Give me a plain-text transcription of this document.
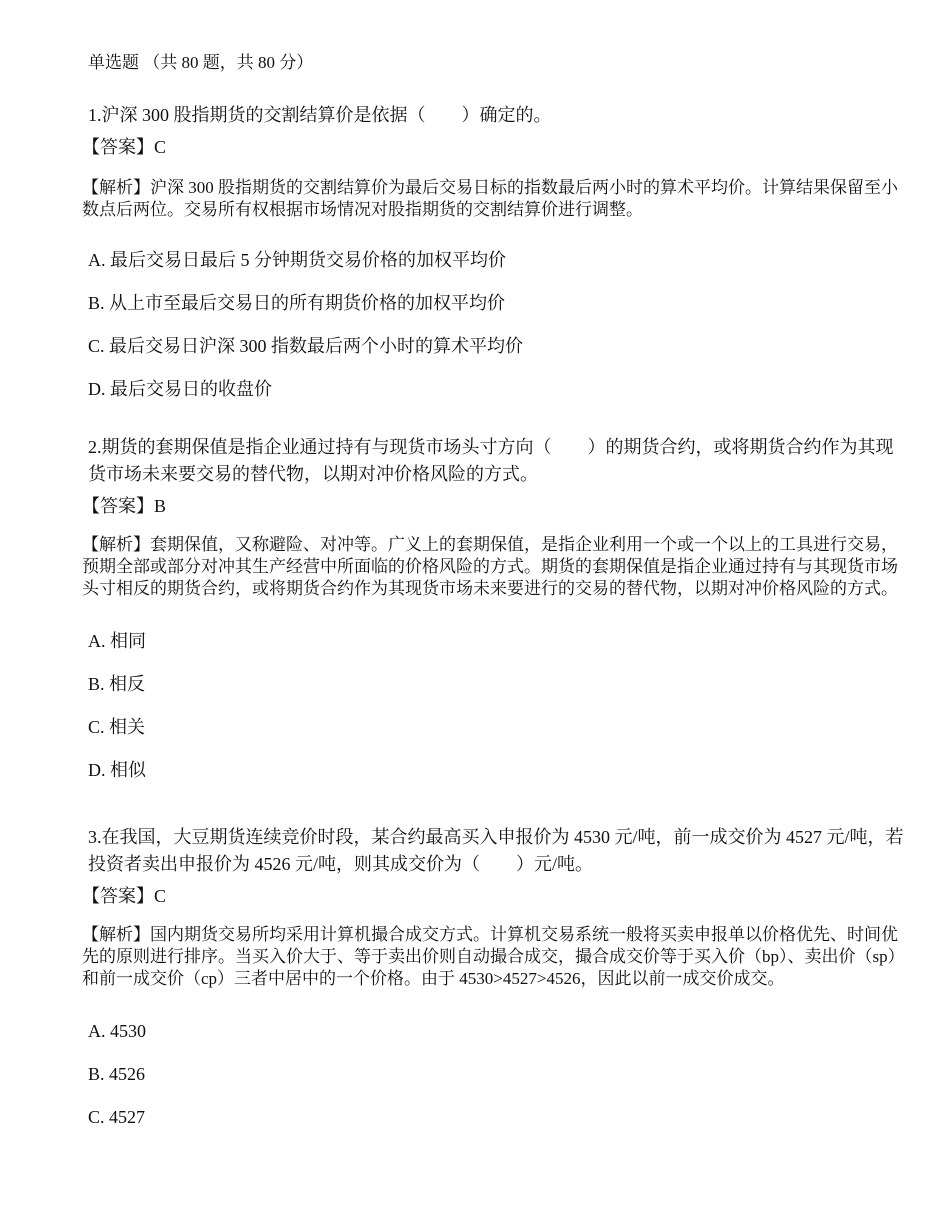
单选题 （共 80 题，共 80 分）

1.沪深 300 股指期货的交割结算价是依据（　　）确定的。

【答案】C
【解析】沪深 300 股指期货的交割结算价为最后交易日标的指数最后两小时的算术平均价。计算结果保留至小数点后两位。交易所有权根据市场情况对股指期货的交割结算价进行调整。
A. 最后交易日最后 5 分钟期货交易价格的加权平均价
B. 从上市至最后交易日的所有期货价格的加权平均价
C. 最后交易日沪深 300 指数最后两个小时的算术平均价
D. 最后交易日的收盘价

2.期货的套期保值是指企业通过持有与现货市场头寸方向（　　）的期货合约，或将期货合约作为其现货市场未来要交易的替代物，以期对冲价格风险的方式。

【答案】B
【解析】套期保值，又称避险、对冲等。广义上的套期保值，是指企业利用一个或一个以上的工具进行交易，预期全部或部分对冲其生产经营中所面临的价格风险的方式。期货的套期保值是指企业通过持有与其现货市场头寸相反的期货合约，或将期货合约作为其现货市场未来要进行的交易的替代物，以期对冲价格风险的方式。
A. 相同
B. 相反
C. 相关
D. 相似

3.在我国，大豆期货连续竞价时段，某合约最高买入申报价为 4530 元/吨，前一成交价为 4527 元/吨，若投资者卖出申报价为 4526 元/吨，则其成交价为（　　）元/吨。

【答案】C
【解析】国内期货交易所均采用计算机撮合成交方式。计算机交易系统一般将买卖申报单以价格优先、时间优先的原则进行排序。当买入价大于、等于卖出价则自动撮合成交，撮合成交价等于买入价（bp）、卖出价（sp）和前一成交价（cp）三者中居中的一个价格。由于 4530>4527>4526，因此以前一成交价成交。
A. 4530
B. 4526
C. 4527
